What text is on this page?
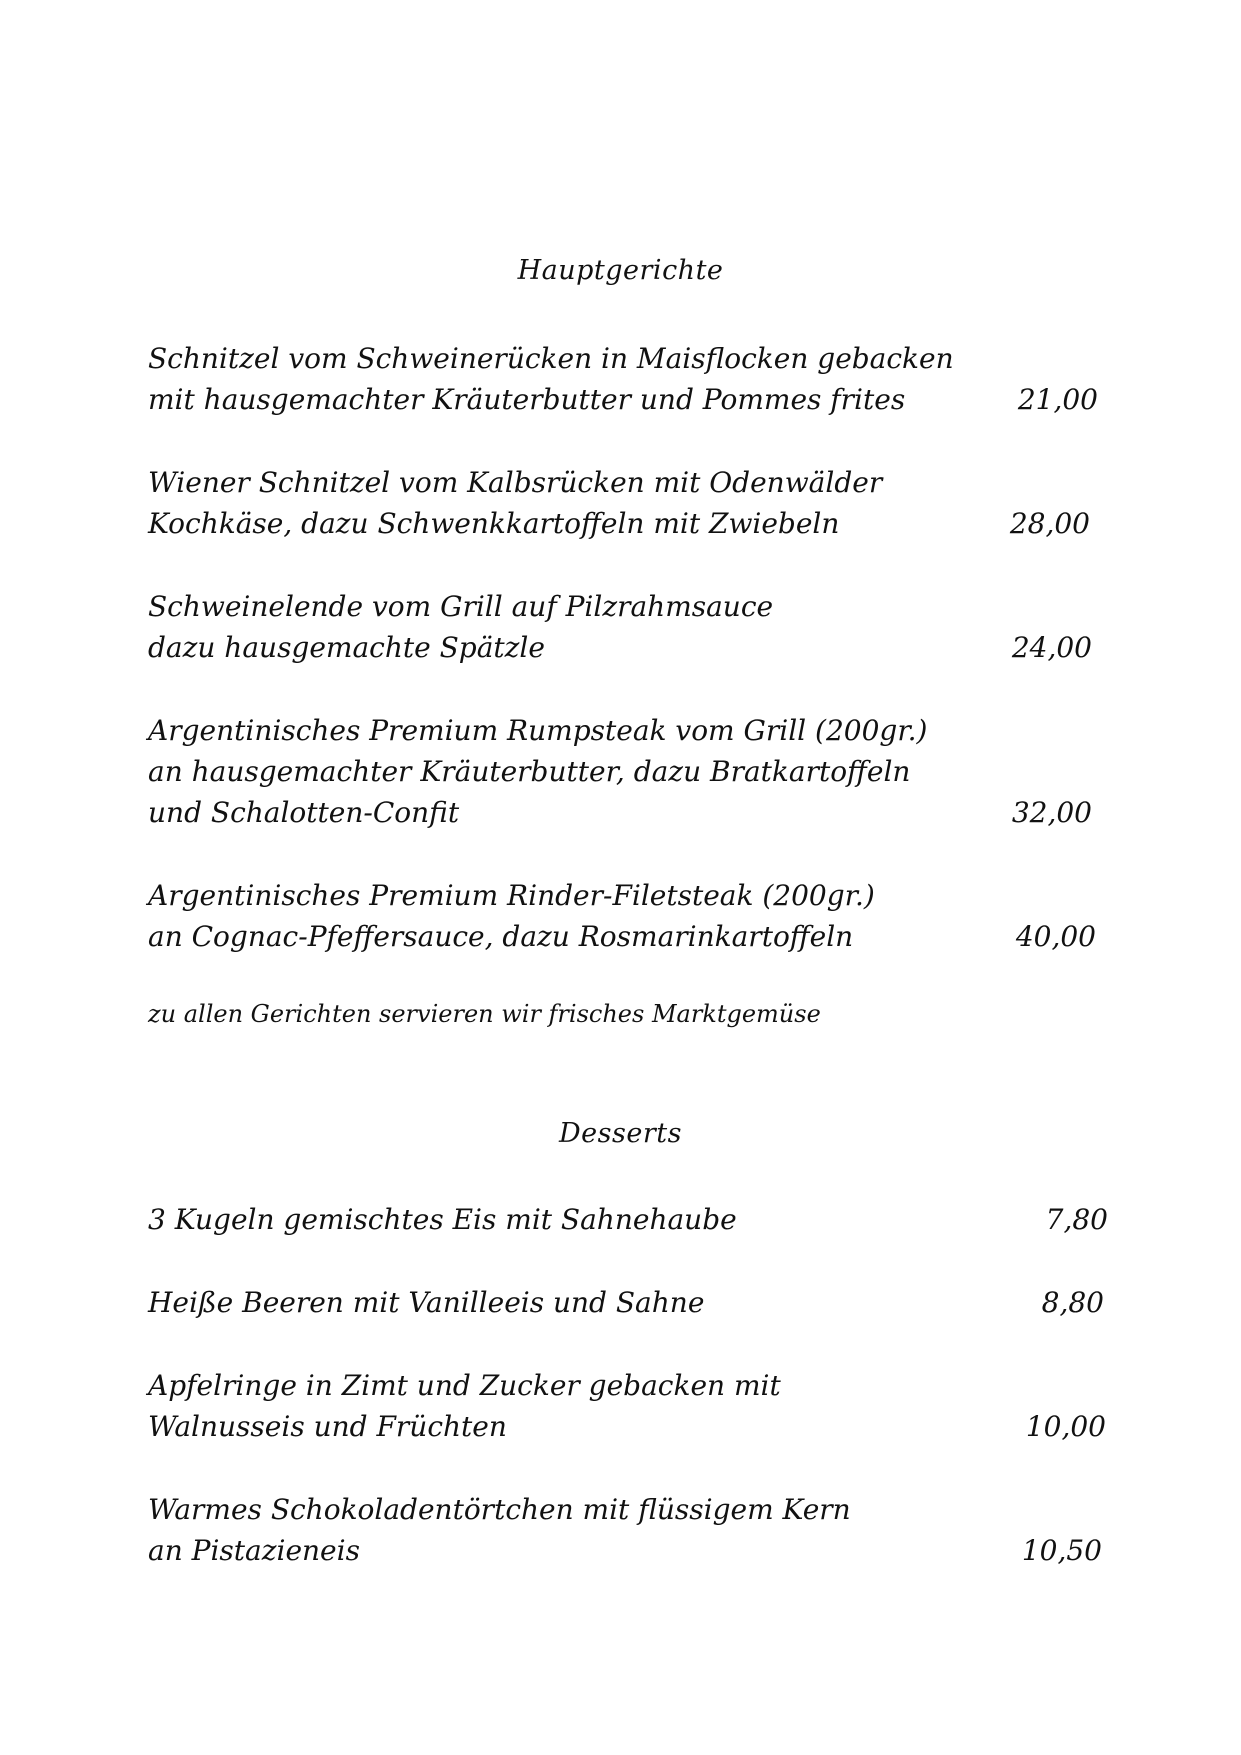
Hauptgerichte
Schnitzel vom Schweinerücken in Maisflocken gebacken
mit hausgemachter Kräuterbutter und Pommes frites	21,00
Wiener Schnitzel vom Kalbsrücken mit Odenwälder
Kochkäse, dazu Schwenkkartoffeln mit Zwiebeln	28,00
Schweinelende vom Grill auf Pilzrahmsauce
dazu hausgemachte Spätzle	24,00
Argentinisches Premium Rumpsteak vom Grill (200gr.)
an hausgemachter Kräuterbutter, dazu Bratkartoffeln
und Schalotten-Confit	32,00
Argentinisches Premium Rinder-Filetsteak (200gr.)
an Cognac-Pfeffersauce, dazu Rosmarinkartoffeln	40,00
zu allen Gerichten servieren wir frisches Marktgemüse
Desserts
3 Kugeln gemischtes Eis mit Sahnehaube	7,80
Heiße Beeren mit Vanilleeis und Sahne	8,80
Apfelringe in Zimt und Zucker gebacken mit
Walnusseis und Früchten	10,00
Warmes Schokoladentörtchen mit flüssigem Kern
an Pistazieneis	10,50
